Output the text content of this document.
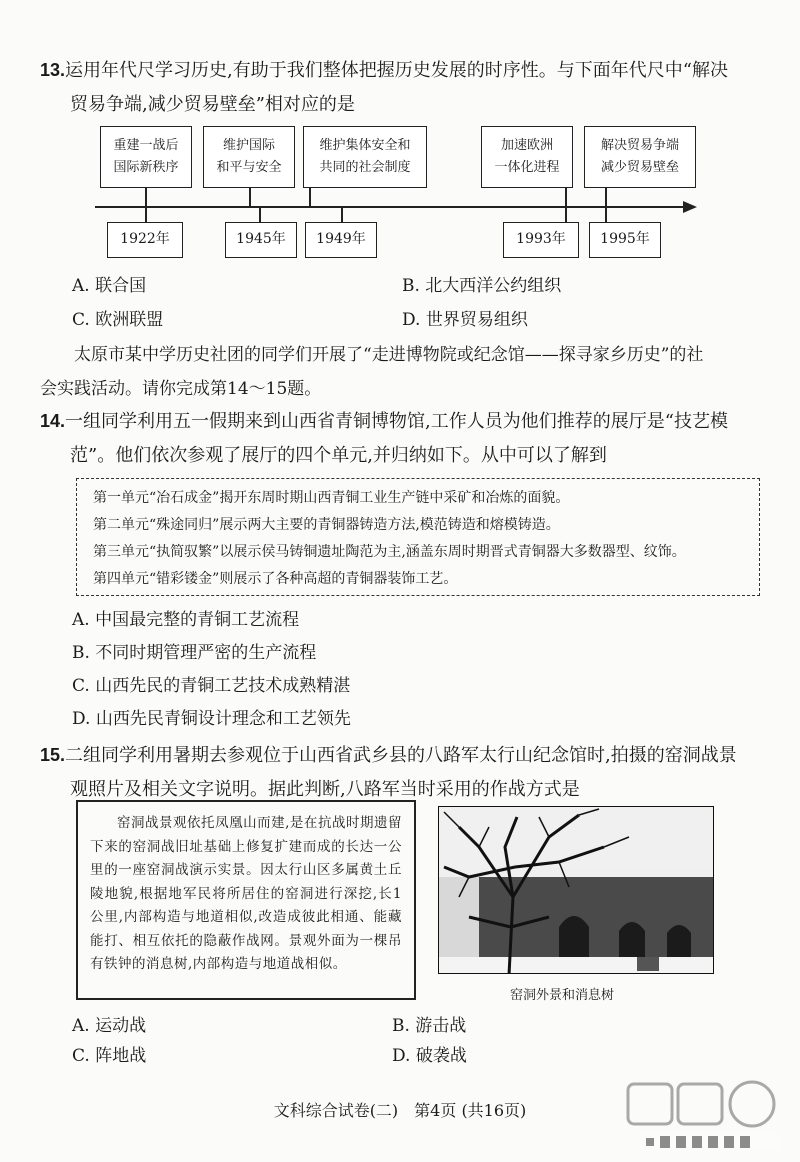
13.运用年代尺学习历史,有助于我们整体把握历史发展的时序性。与下面年代尺中“解决
贸易争端,减少贸易壁垒”相对应的是
重建一战后
国际新秩序
维护国际
和平与安全
维护集体安全和
共同的社会制度
加速欧洲
一体化进程
解决贸易争端
减少贸易壁垒
1922年	1945年	1949年	1993年	1995年
A. 联合国	B. 北大西洋公约组织
C. 欧洲联盟	D. 世界贸易组织
太原市某中学历史社团的同学们开展了“走进博物院或纪念馆——探寻家乡历史”的社
会实践活动。请你完成第14～15题。
14.一组同学利用五一假期来到山西省青铜博物馆,工作人员为他们推荐的展厅是“技艺模
范”。他们依次参观了展厅的四个单元,并归纳如下。从中可以了解到

第一单元“冶石成金”揭开东周时期山西青铜工业生产链中采矿和冶炼的面貌。

第二单元“殊途同归”展示两大主要的青铜器铸造方法,模范铸造和熔模铸造。

第三单元“执简驭繁”以展示侯马铸铜遗址陶范为主,涵盖东周时期晋式青铜器大多数器型、纹饰。

第四单元“错彩镂金”则展示了各种高超的青铜器装饰工艺。

A. 中国最完整的青铜工艺流程
B. 不同时期管理严密的生产流程
C. 山西先民的青铜工艺技术成熟精湛
D. 山西先民青铜设计理念和工艺领先
15.二组同学利用暑期去参观位于山西省武乡县的八路军太行山纪念馆时,拍摄的窑洞战景
观照片及相关文字说明。据此判断,八路军当时采用的作战方式是
窑洞战景观依托凤凰山而建,是在抗战时期遗留下来的窑洞战旧址基础上修复扩建而成的长达一公里的一座窑洞战演示实景。因太行山区多属黄土丘陵地貌,根据地军民将所居住的窑洞进行深挖,长1公里,内部构造与地道相似,改造成彼此相通、能藏能打、相互依托的隐蔽作战网。景观外面为一棵吊有铁钟的消息树,内部构造与地道战相似。
窑洞外景和消息树
A. 运动战	B. 游击战
C. 阵地战	D. 破袭战
文科综合试卷(二)　第4页 (共16页)
